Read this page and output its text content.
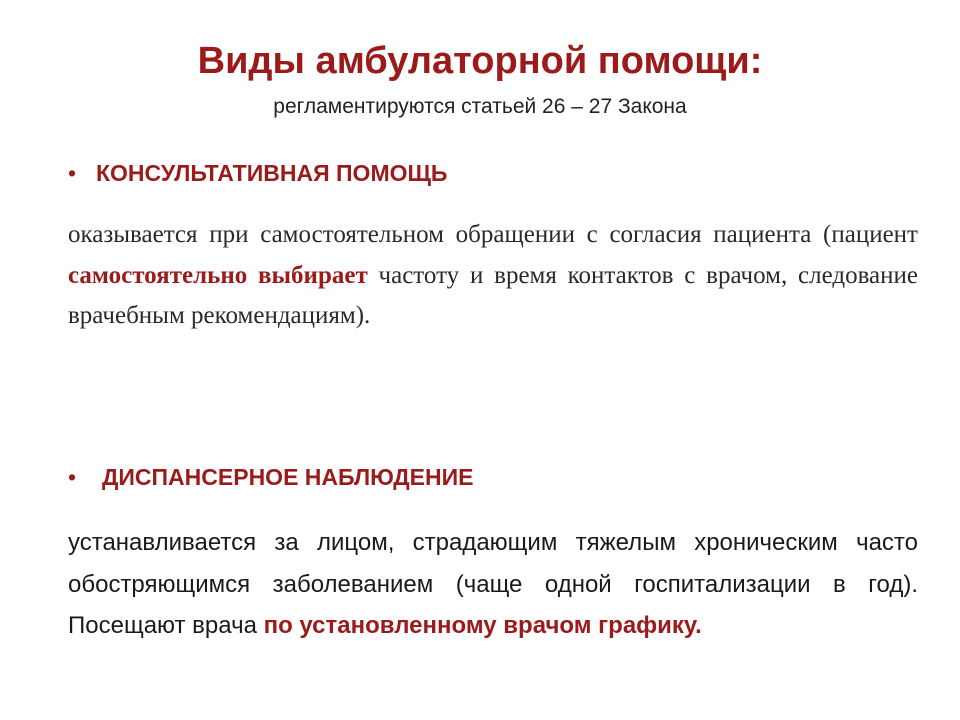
Виды амбулаторной помощи:

регламентируются статьей 26 – 27 Закона

• КОНСУЛЬТАТИВНАЯ ПОМОЩЬ

оказывается при самостоятельном обращении с согласия пациента (пациент самостоятельно выбирает частоту и время контактов с врачом, следование врачебным рекомендациям).

• ДИСПАНСЕРНОЕ НАБЛЮДЕНИЕ

устанавливается за лицом, страдающим тяжелым хроническим часто обостряющимся заболеванием (чаще одной госпитализации в год). Посещают врача по установленному врачом графику.
